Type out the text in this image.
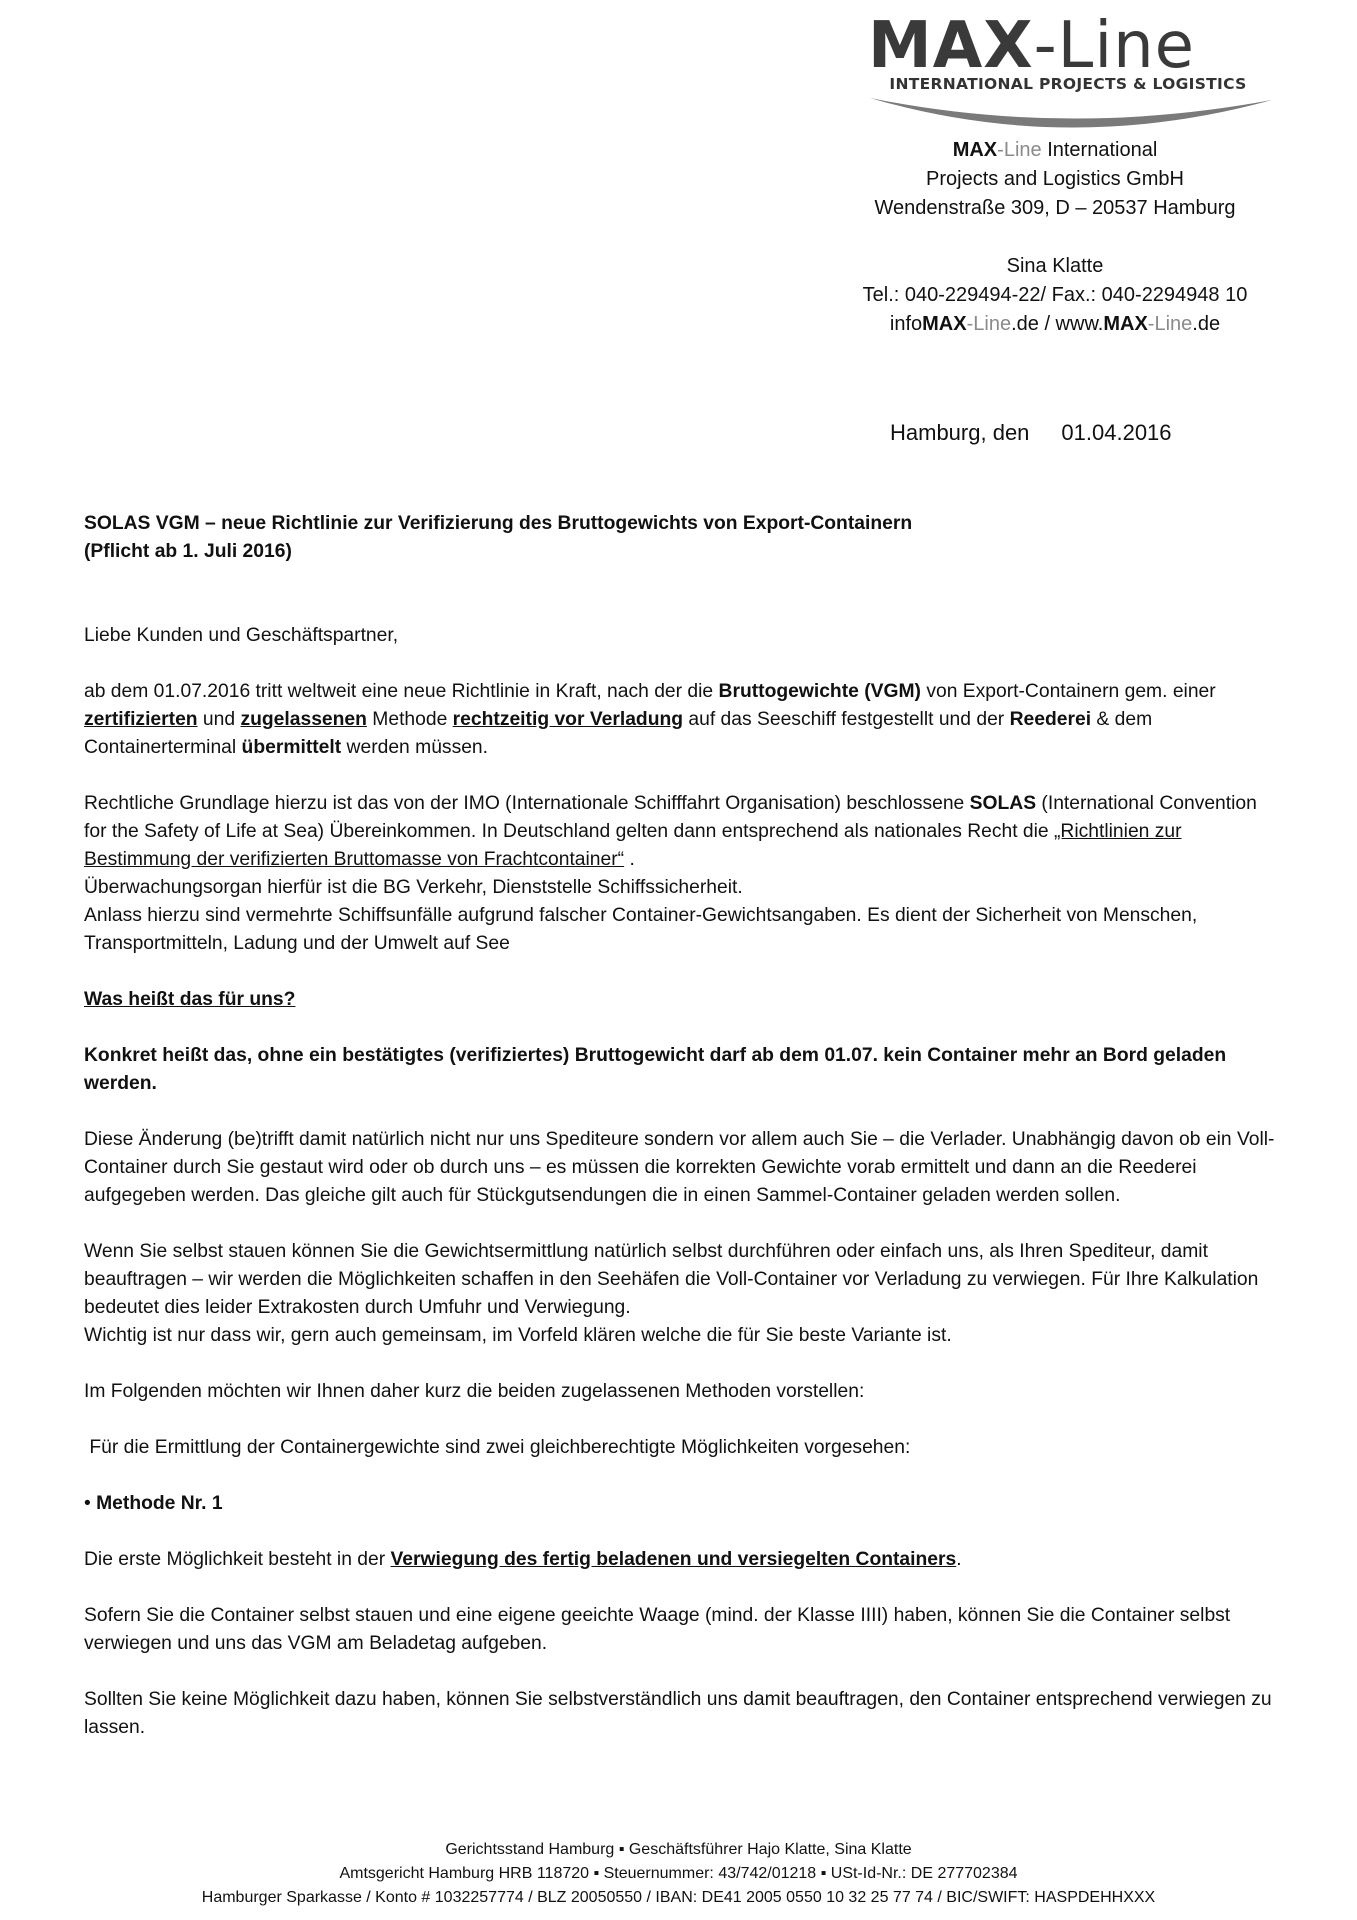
MAX-Line
INTERNATIONAL PROJECTS & LOGISTICS
MAX-Line International
Projects and Logistics GmbH
Wendenstraße 309, D – 20537 Hamburg
Sina Klatte
Tel.: 040-229494-22/ Fax.: 040-2294948 10
infoMAX-Line.de / www.MAX-Line.de
Hamburg, den 01.04.2016

SOLAS VGM – neue Richtlinie zur Verifizierung des Bruttogewichts von Export-Containern
(Pflicht ab 1. Juli 2016)

Liebe Kunden und Geschäftspartner,

ab dem 01.07.2016 tritt weltweit eine neue Richtlinie in Kraft, nach der die Bruttogewichte (VGM) von Export-Containern gem. einer zertifizierten und zugelassenen Methode rechtzeitig vor Verladung auf das Seeschiff festgestellt und der Reederei & dem Containerterminal übermittelt werden müssen.

Rechtliche Grundlage hierzu ist das von der IMO (Internationale Schifffahrt Organisation) beschlossene SOLAS (International Convention for the Safety of Life at Sea) Übereinkommen. In Deutschland gelten dann entsprechend als nationales Recht die „Richtlinien zur Bestimmung der verifizierten Bruttomasse von Frachtcontainer“ .
Überwachungsorgan hierfür ist die BG Verkehr, Dienststelle Schiffssicherheit.
Anlass hierzu sind vermehrte Schiffsunfälle aufgrund falscher Container-Gewichtsangaben. Es dient der Sicherheit von Menschen, Transportmitteln, Ladung und der Umwelt auf See

Was heißt das für uns?

Konkret heißt das, ohne ein bestätigtes (verifiziertes) Bruttogewicht darf ab dem 01.07. kein Container mehr an Bord geladen werden.

Diese Änderung (be)trifft damit natürlich nicht nur uns Spediteure sondern vor allem auch Sie – die Verlader. Unabhängig davon ob ein Voll-Container durch Sie gestaut wird oder ob durch uns – es müssen die korrekten Gewichte vorab ermittelt und dann an die Reederei aufgegeben werden. Das gleiche gilt auch für Stückgutsendungen die in einen Sammel-Container geladen werden sollen.

Wenn Sie selbst stauen können Sie die Gewichtsermittlung natürlich selbst durchführen oder einfach uns, als Ihren Spediteur, damit beauftragen – wir werden die Möglichkeiten schaffen in den Seehäfen die Voll-Container vor Verladung zu verwiegen. Für Ihre Kalkulation bedeutet dies leider Extrakosten durch Umfuhr und Verwiegung.
Wichtig ist nur dass wir, gern auch gemeinsam, im Vorfeld klären welche die für Sie beste Variante ist.

Im Folgenden möchten wir Ihnen daher kurz die beiden zugelassenen Methoden vorstellen:

Für die Ermittlung der Containergewichte sind zwei gleichberechtigte Möglichkeiten vorgesehen:

• Methode Nr. 1

Die erste Möglichkeit besteht in der Verwiegung des fertig beladenen und versiegelten Containers.

Sofern Sie die Container selbst stauen und eine eigene geeichte Waage (mind. der Klasse IIII) haben, können Sie die Container selbst verwiegen und uns das VGM am Beladetag aufgeben.

Sollten Sie keine Möglichkeit dazu haben, können Sie selbstverständlich uns damit beauftragen, den Container entsprechend verwiegen zu lassen.

Gerichtsstand Hamburg ▪ Geschäftsführer Hajo Klatte, Sina Klatte
Amtsgericht Hamburg HRB 118720 ▪ Steuernummer: 43/742/01218 ▪ USt-Id-Nr.: DE 277702384
Hamburger Sparkasse / Konto # 1032257774 / BLZ 20050550 / IBAN: DE41 2005 0550 10 32 25 77 74 / BIC/SWIFT: HASPDEHHXXX
